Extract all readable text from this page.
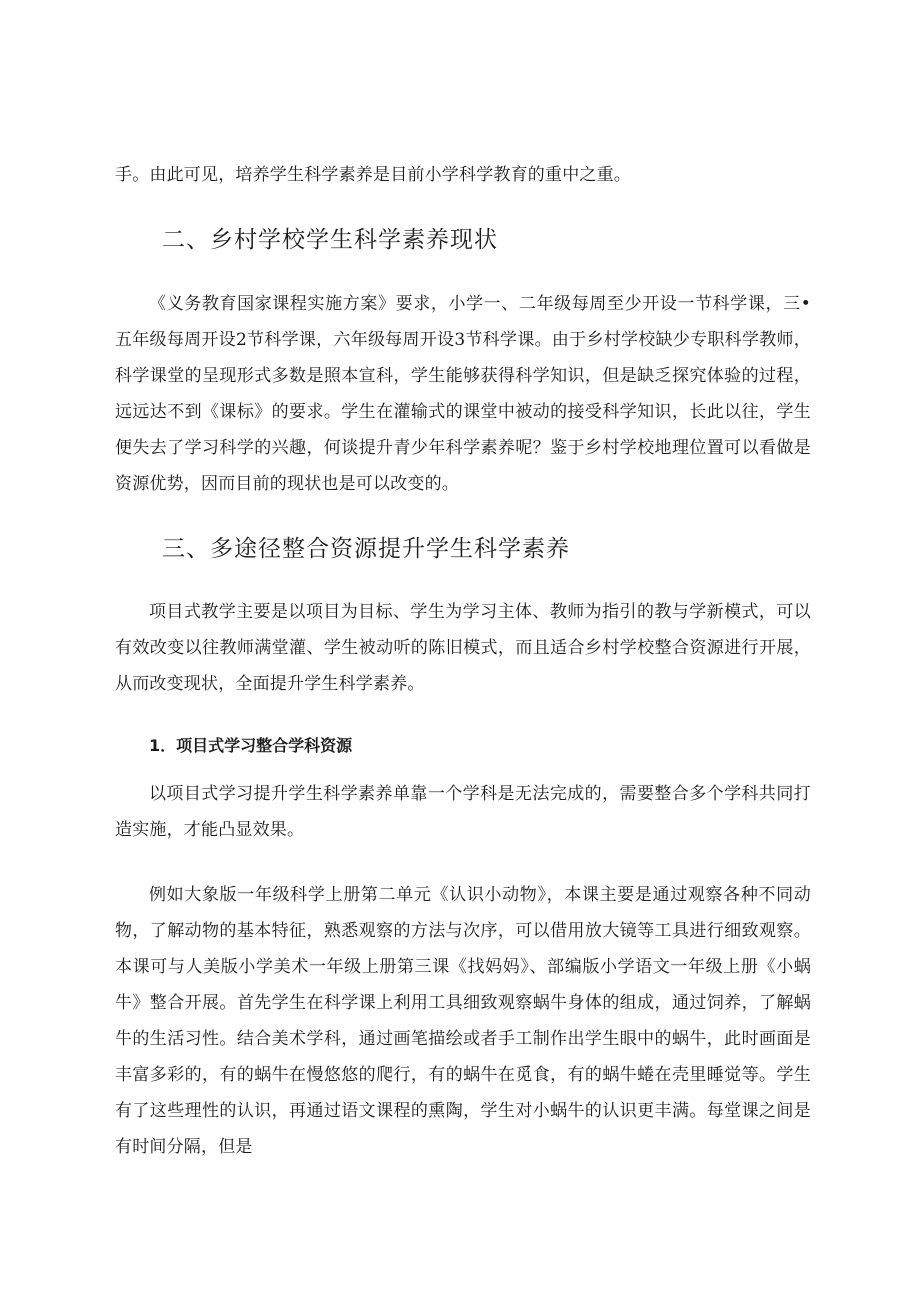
手。由此可见，培养学生科学素养是目前小学科学教育的重中之重。

二、乡村学校学生科学素养现状

《义务教育国家课程实施方案》要求，小学一、二年级每周至少开设一节科学课，三•五年级每周开设2节科学课，六年级每周开设3节科学课。由于乡村学校缺少专职科学教师，科学课堂的呈现形式多数是照本宣科，学生能够获得科学知识，但是缺乏探究体验的过程，远远达不到《课标》的要求。学生在灌输式的课堂中被动的接受科学知识，长此以往，学生便失去了学习科学的兴趣，何谈提升青少年科学素养呢？鉴于乡村学校地理位置可以看做是资源优势，因而目前的现状也是可以改变的。

三、多途径整合资源提升学生科学素养

项目式教学主要是以项目为目标、学生为学习主体、教师为指引的教与学新模式，可以有效改变以往教师满堂灌、学生被动听的陈旧模式，而且适合乡村学校整合资源进行开展，从而改变现状，全面提升学生科学素养。

1．项目式学习整合学科资源

以项目式学习提升学生科学素养单靠一个学科是无法完成的，需要整合多个学科共同打造实施，才能凸显效果。

例如大象版一年级科学上册第二单元《认识小动物》，本课主要是通过观察各种不同动物，了解动物的基本特征，熟悉观察的方法与次序，可以借用放大镜等工具进行细致观察。本课可与人美版小学美术一年级上册第三课《找妈妈》、部编版小学语文一年级上册《小蜗牛》整合开展。首先学生在科学课上利用工具细致观察蜗牛身体的组成，通过饲养，了解蜗牛的生活习性。结合美术学科，通过画笔描绘或者手工制作出学生眼中的蜗牛，此时画面是丰富多彩的，有的蜗牛在慢悠悠的爬行，有的蜗牛在觅食，有的蜗牛蜷在壳里睡觉等。学生有了这些理性的认识，再通过语文课程的熏陶，学生对小蜗牛的认识更丰满。每堂课之间是有时间分隔，但是
